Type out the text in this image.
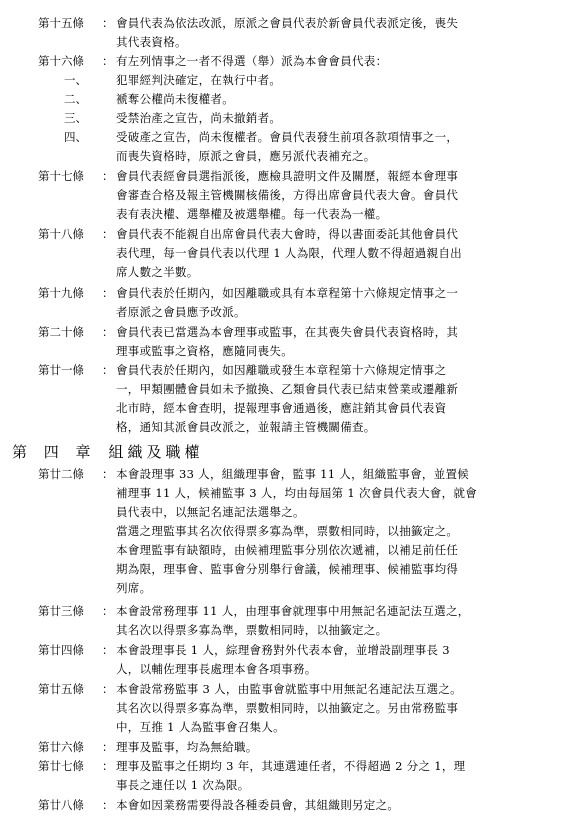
第 四 章 組織及職權
第十五條 ： 會員代表為依法改派，原派之會員代表於新會員代表派定後，喪失
其代表資格。
第十六條 ： 有左列情事之一者不得選（舉）派為本會會員代表：
一、	犯罪經判決確定，在執行中者。
二、	褫奪公權尚未復權者。
三、	受禁治產之宣告，尚未撤銷者。
四、	受破產之宣告，尚未復權者。會員代表發生前項各款項情事之一，
而喪失資格時，原派之會員，應另派代表補充之。
第十七條 ： 會員代表經會員選指派後，應檢具證明文件及關歷，報經本會理事
會審查合格及報主管機關核備後，方得出席會員代表大會。會員代
表有表決權、選舉權及被選舉權。每一代表為一權。
第十八條 ： 會員代表不能親自出席會員代表大會時，得以書面委託其他會員代
表代理，每一會員代表以代理 1 人為限，代理人數不得超過親自出
席人數之半數。
第十九條 ： 會員代表於任期內，如因離職或具有本章程第十六條規定情事之一
者原派之會員應予改派。
第二十條 ： 會員代表已當選為本會理事或監事，在其喪失會員代表資格時，其
理事或監事之資格，應隨同喪失。
第廿一條 ： 會員代表於任期內，如因離職或發生本章程第十六條規定情事之
一，甲類團體會員如未予撤換、乙類會員代表已結束營業或遷離新
北市時，經本會查明，提報理事會通過後，應註銷其會員代表資
格，通知其派會員改派之，並報請主管機關備查。
第廿二條 ： 本會設理事 33 人，組織理事會，監事 11 人，組織監事會，並置候
補理事 11 人，候補監事 3 人，均由每屆第 1 次會員代表大會，就會
員代表中，以無記名連記法選舉之。
當選之理監事其名次依得票多寡為準，票數相同時，以抽籤定之。
本會理監事有缺額時，由候補理監事分別依次遞補，以補足前任任
期為限，理事會、監事會分別舉行會議，候補理事、候補監事均得
列席。
第廿三條 ： 本會設常務理事 11 人，由理事會就理事中用無記名連記法互選之，
其名次以得票多寡為準，票數相同時，以抽籤定之。
第廿四條 ： 本會設理事長 1 人，綜理會務對外代表本會，並增設副理事長 3
人，以輔佐理事長處理本會各項事務。
第廿五條 ： 本會設常務監事 3 人，由監事會就監事中用無記名連記法互選之。
其名次以得票多寡為準，票數相同時，以抽籤定之。另由常務監事
中，互推 1 人為監事會召集人。
第廿六條 ： 理事及監事，均為無給職。
第廿七條 ： 理事及監事之任期均 3 年，其連選連任者，不得超過 2 分之 1，理
事長之連任以 1 次為限。
第廿八條 ： 本會如因業務需要得設各種委員會，其組織則另定之。
